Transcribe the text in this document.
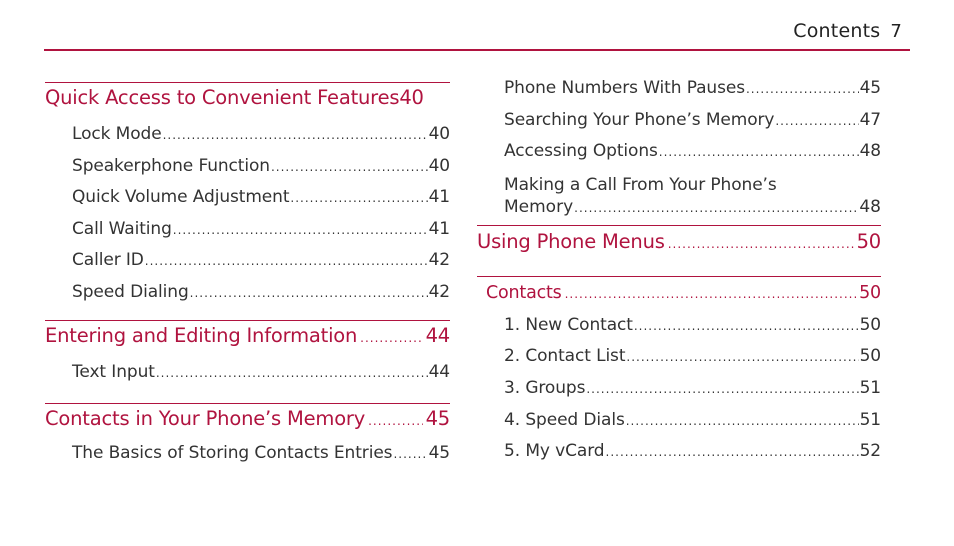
Contents 7
Quick Access to Convenient Features 40
Lock Mode .....	40
Speakerphone Function .....	40
Quick Volume Adjustment .....	41
Call Waiting .....	41
Caller ID .....	42
Speed Dialing .....	42
Entering and Editing Information .....	44
Text Input .....	44
Contacts in Your Phone’s Memory .....	45
The Basics of Storing Contacts Entries ..... 45
Phone Numbers With Pauses .....	45
Searching Your Phone’s Memory .....	47
Accessing Options .....	48
Making a Call From Your Phone’s
Memory .....	48
Using Phone Menus .....	50
Contacts .....	50
1. New Contact .....	50
2. Contact List .....	50
3. Groups .....	51
4. Speed Dials .....	51
5. My vCard .....	52
